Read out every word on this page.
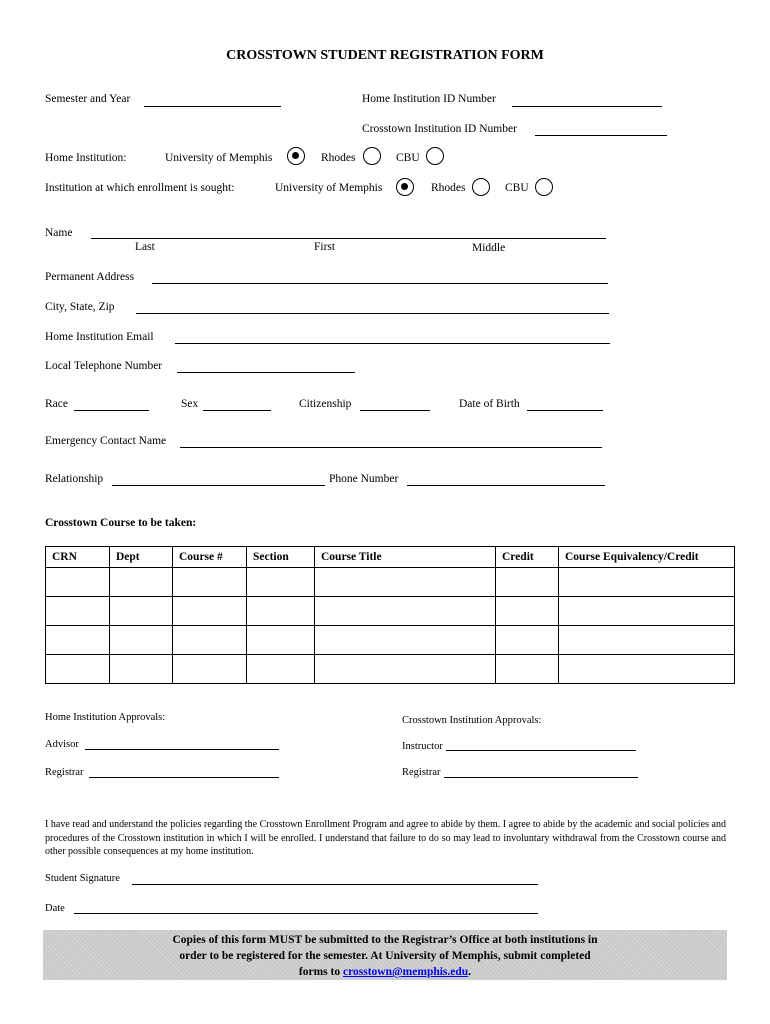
CROSSTOWN STUDENT REGISTRATION FORM
Semester and Year	Home Institution ID Number
Crosstown Institution ID Number
Home Institution:	University of Memphis	Rhodes	CBU
Institution at which enrollment is sought:	University of Memphis	Rhodes	CBU
Name
Last	First	Middle
Permanent Address
City, State, Zip
Home Institution Email
Local Telephone Number
Race	Sex	Citizenship	Date of Birth
Emergency Contact Name
Relationship	Phone Number
Crosstown Course to be taken:
CRN	Dept	Course #	Section	Course Title	Credit	Course Equivalency/Credit

Home Institution Approvals:	Crosstown Institution Approvals:
Advisor	Instructor
Registrar	Registrar
I have read and understand the policies regarding the Crosstown Enrollment Program and agree to abide by them. I agree to abide by the academic and social policies and procedures of the Crosstown institution in which I will be enrolled. I understand that failure to do so may lead to involuntary withdrawal from the Crosstown course and other possible consequences at my home institution.
Student Signature
Date
Copies of this form MUST be submitted to the Registrar’s Office at both institutions in
order to be registered for the semester. At University of Memphis, submit completed
forms to crosstown@memphis.edu.
